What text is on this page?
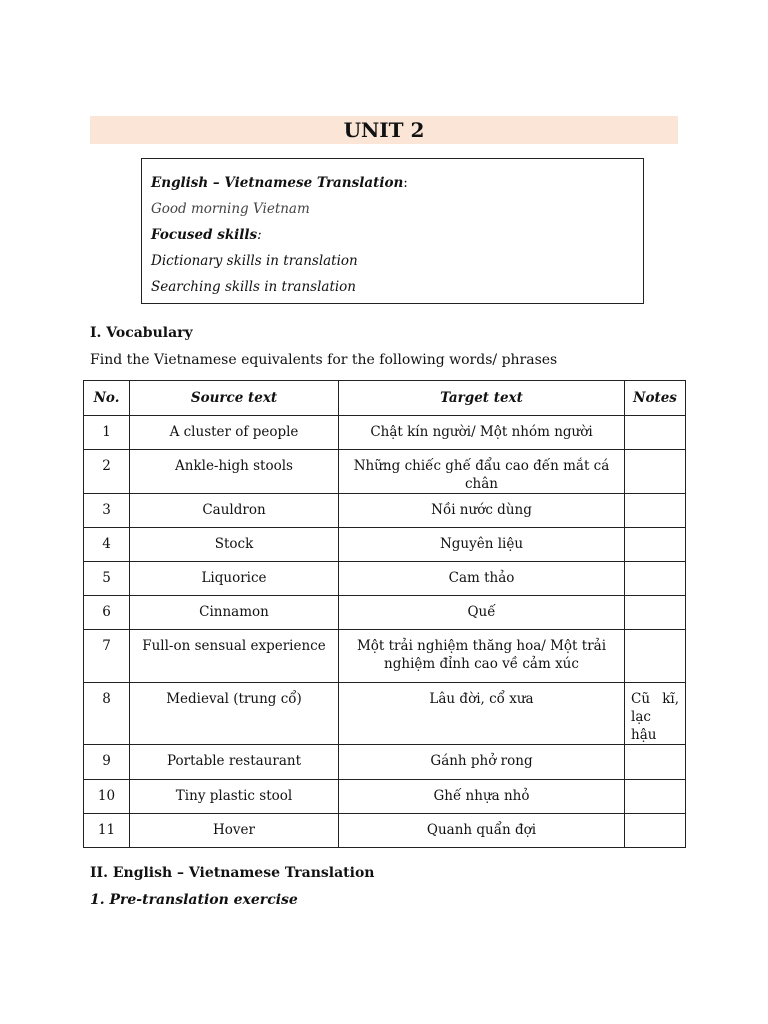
UNIT 2

English – Vietnamese Translation:

Good morning Vietnam

Focused skills:

Dictionary skills in translation

Searching skills in translation

I. Vocabulary
Find the Vietnamese equivalents for the following words/ phrases
No.	Source text	Target text	Notes
1	A cluster of people	Chật kín người/ Một nhóm người	
2	Ankle-high stools	Những chiếc ghế đẩu cao đến mắt cá chân	
3	Cauldron	Nồi nước dùng	
4	Stock	Nguyên liệu	
5	Liquorice	Cam thảo	
6	Cinnamon	Quế	
7	Full-on sensual experience	Một trải nghiệm thăng hoa/ Một trải nghiệm đỉnh cao về cảm xúc	
8	Medieval (trung cổ)	Lâu đời, cổ xưa	Cũ kĩ, lạc hậu
9	Portable restaurant	Gánh phở rong	
10	Tiny plastic stool	Ghế nhựa nhỏ	
11	Hover	Quanh quẩn đợi	
II. English – Vietnamese Translation
1. Pre-translation exercise
